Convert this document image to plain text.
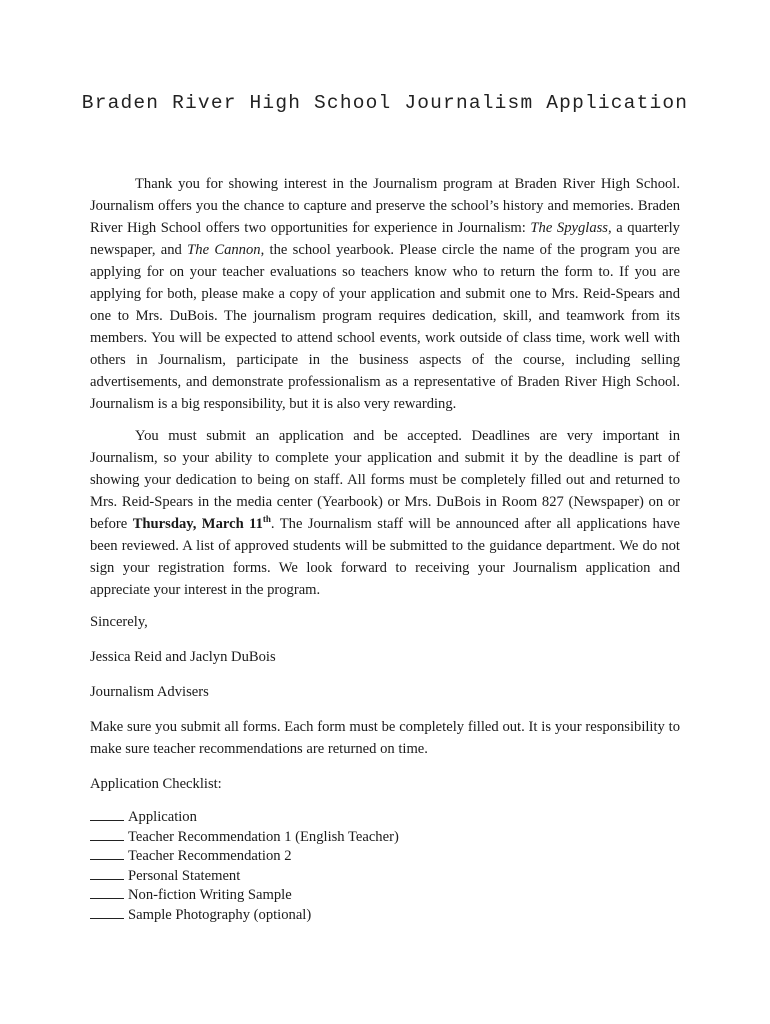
Braden River High School Journalism Application

Thank you for showing interest in the Journalism program at Braden River High School. Journalism offers you the chance to capture and preserve the school’s history and memories. Braden River High School offers two opportunities for experience in Journalism: The Spyglass, a quarterly newspaper, and The Cannon, the school yearbook. Please circle the name of the program you are applying for on your teacher evaluations so teachers know who to return the form to. If you are applying for both, please make a copy of your application and submit one to Mrs. Reid-Spears and one to Mrs. DuBois. The journalism program requires dedication, skill, and teamwork from its members. You will be expected to attend school events, work outside of class time, work well with others in Journalism, participate in the business aspects of the course, including selling advertisements, and demonstrate professionalism as a representative of Braden River High School. Journalism is a big responsibility, but it is also very rewarding.

You must submit an application and be accepted. Deadlines are very important in Journalism, so your ability to complete your application and submit it by the deadline is part of showing your dedication to being on staff. All forms must be completely filled out and returned to Mrs. Reid-Spears in the media center (Yearbook) or Mrs. DuBois in Room 827 (Newspaper) on or before Thursday, March 11th. The Journalism staff will be announced after all applications have been reviewed. A list of approved students will be submitted to the guidance department. We do not sign your registration forms. We look forward to receiving your Journalism application and appreciate your interest in the program.

Sincerely,

Jessica Reid and Jaclyn DuBois

Journalism Advisers

Make sure you submit all forms. Each form must be completely filled out. It is your responsibility to make sure teacher recommendations are returned on time.

Application Checklist:

Application
Teacher Recommendation 1 (English Teacher)
Teacher Recommendation 2
Personal Statement
Non-fiction Writing Sample
Sample Photography (optional)
